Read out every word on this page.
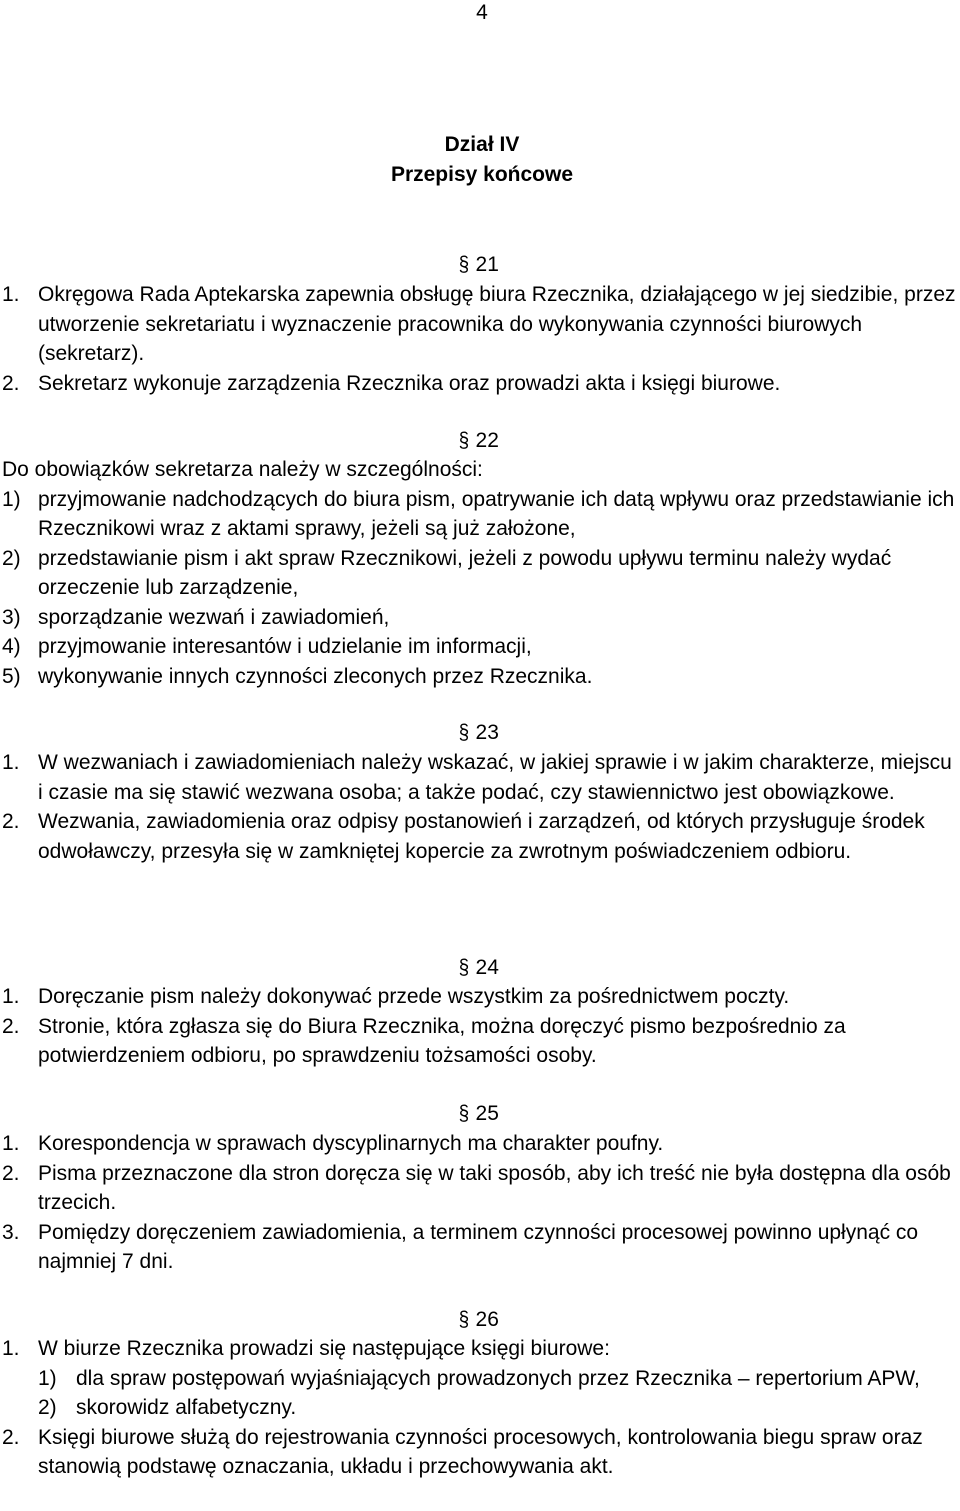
4
Dział IV
Przepisy końcowe
§ 21
1. Okręgowa Rada Aptekarska zapewnia obsługę biura Rzecznika, działającego w jej siedzibie, przez utworzenie sekretariatu i wyznaczenie pracownika do wykonywania czynności biurowych (sekretarz).
2. Sekretarz wykonuje zarządzenia Rzecznika oraz prowadzi akta i księgi biurowe.
§ 22
Do obowiązków sekretarza należy w szczególności:
1) przyjmowanie nadchodzących do biura pism, opatrywanie ich datą wpływu oraz przedstawianie ich Rzecznikowi wraz z aktami sprawy, jeżeli są już założone,
2) przedstawianie pism i akt spraw Rzecznikowi, jeżeli z powodu upływu terminu należy wydać orzeczenie lub zarządzenie,
3) sporządzanie wezwań i zawiadomień,
4) przyjmowanie interesantów i udzielanie im informacji,
5) wykonywanie innych czynności zleconych przez Rzecznika.
§ 23
1. W wezwaniach i zawiadomieniach należy wskazać, w jakiej sprawie i w jakim charakterze, miejscu i czasie ma się stawić wezwana osoba; a także podać, czy stawiennictwo jest obowiązkowe.
2. Wezwania, zawiadomienia oraz odpisy postanowień i zarządzeń, od których przysługuje środek odwoławczy, przesyła się w zamkniętej kopercie za zwrotnym poświadczeniem odbioru.
§ 24
1. Doręczanie pism należy dokonywać przede wszystkim za pośrednictwem poczty.
2. Stronie, która zgłasza się do Biura Rzecznika, można doręczyć pismo bezpośrednio za potwierdzeniem odbioru, po sprawdzeniu tożsamości osoby.
§ 25
1. Korespondencja w sprawach dyscyplinarnych ma charakter poufny.
2. Pisma przeznaczone dla stron doręcza się w taki sposób, aby ich treść nie była dostępna dla osób trzecich.
3. Pomiędzy doręczeniem zawiadomienia, a terminem czynności procesowej powinno upłynąć co najmniej 7 dni.
§ 26
1. W biurze Rzecznika prowadzi się następujące księgi biurowe:
1) dla spraw postępowań wyjaśniających prowadzonych przez Rzecznika – repertorium APW,
2) skorowidz alfabetyczny.
2. Księgi biurowe służą do rejestrowania czynności procesowych, kontrolowania biegu spraw oraz stanowią podstawę oznaczania, układu i przechowywania akt.
